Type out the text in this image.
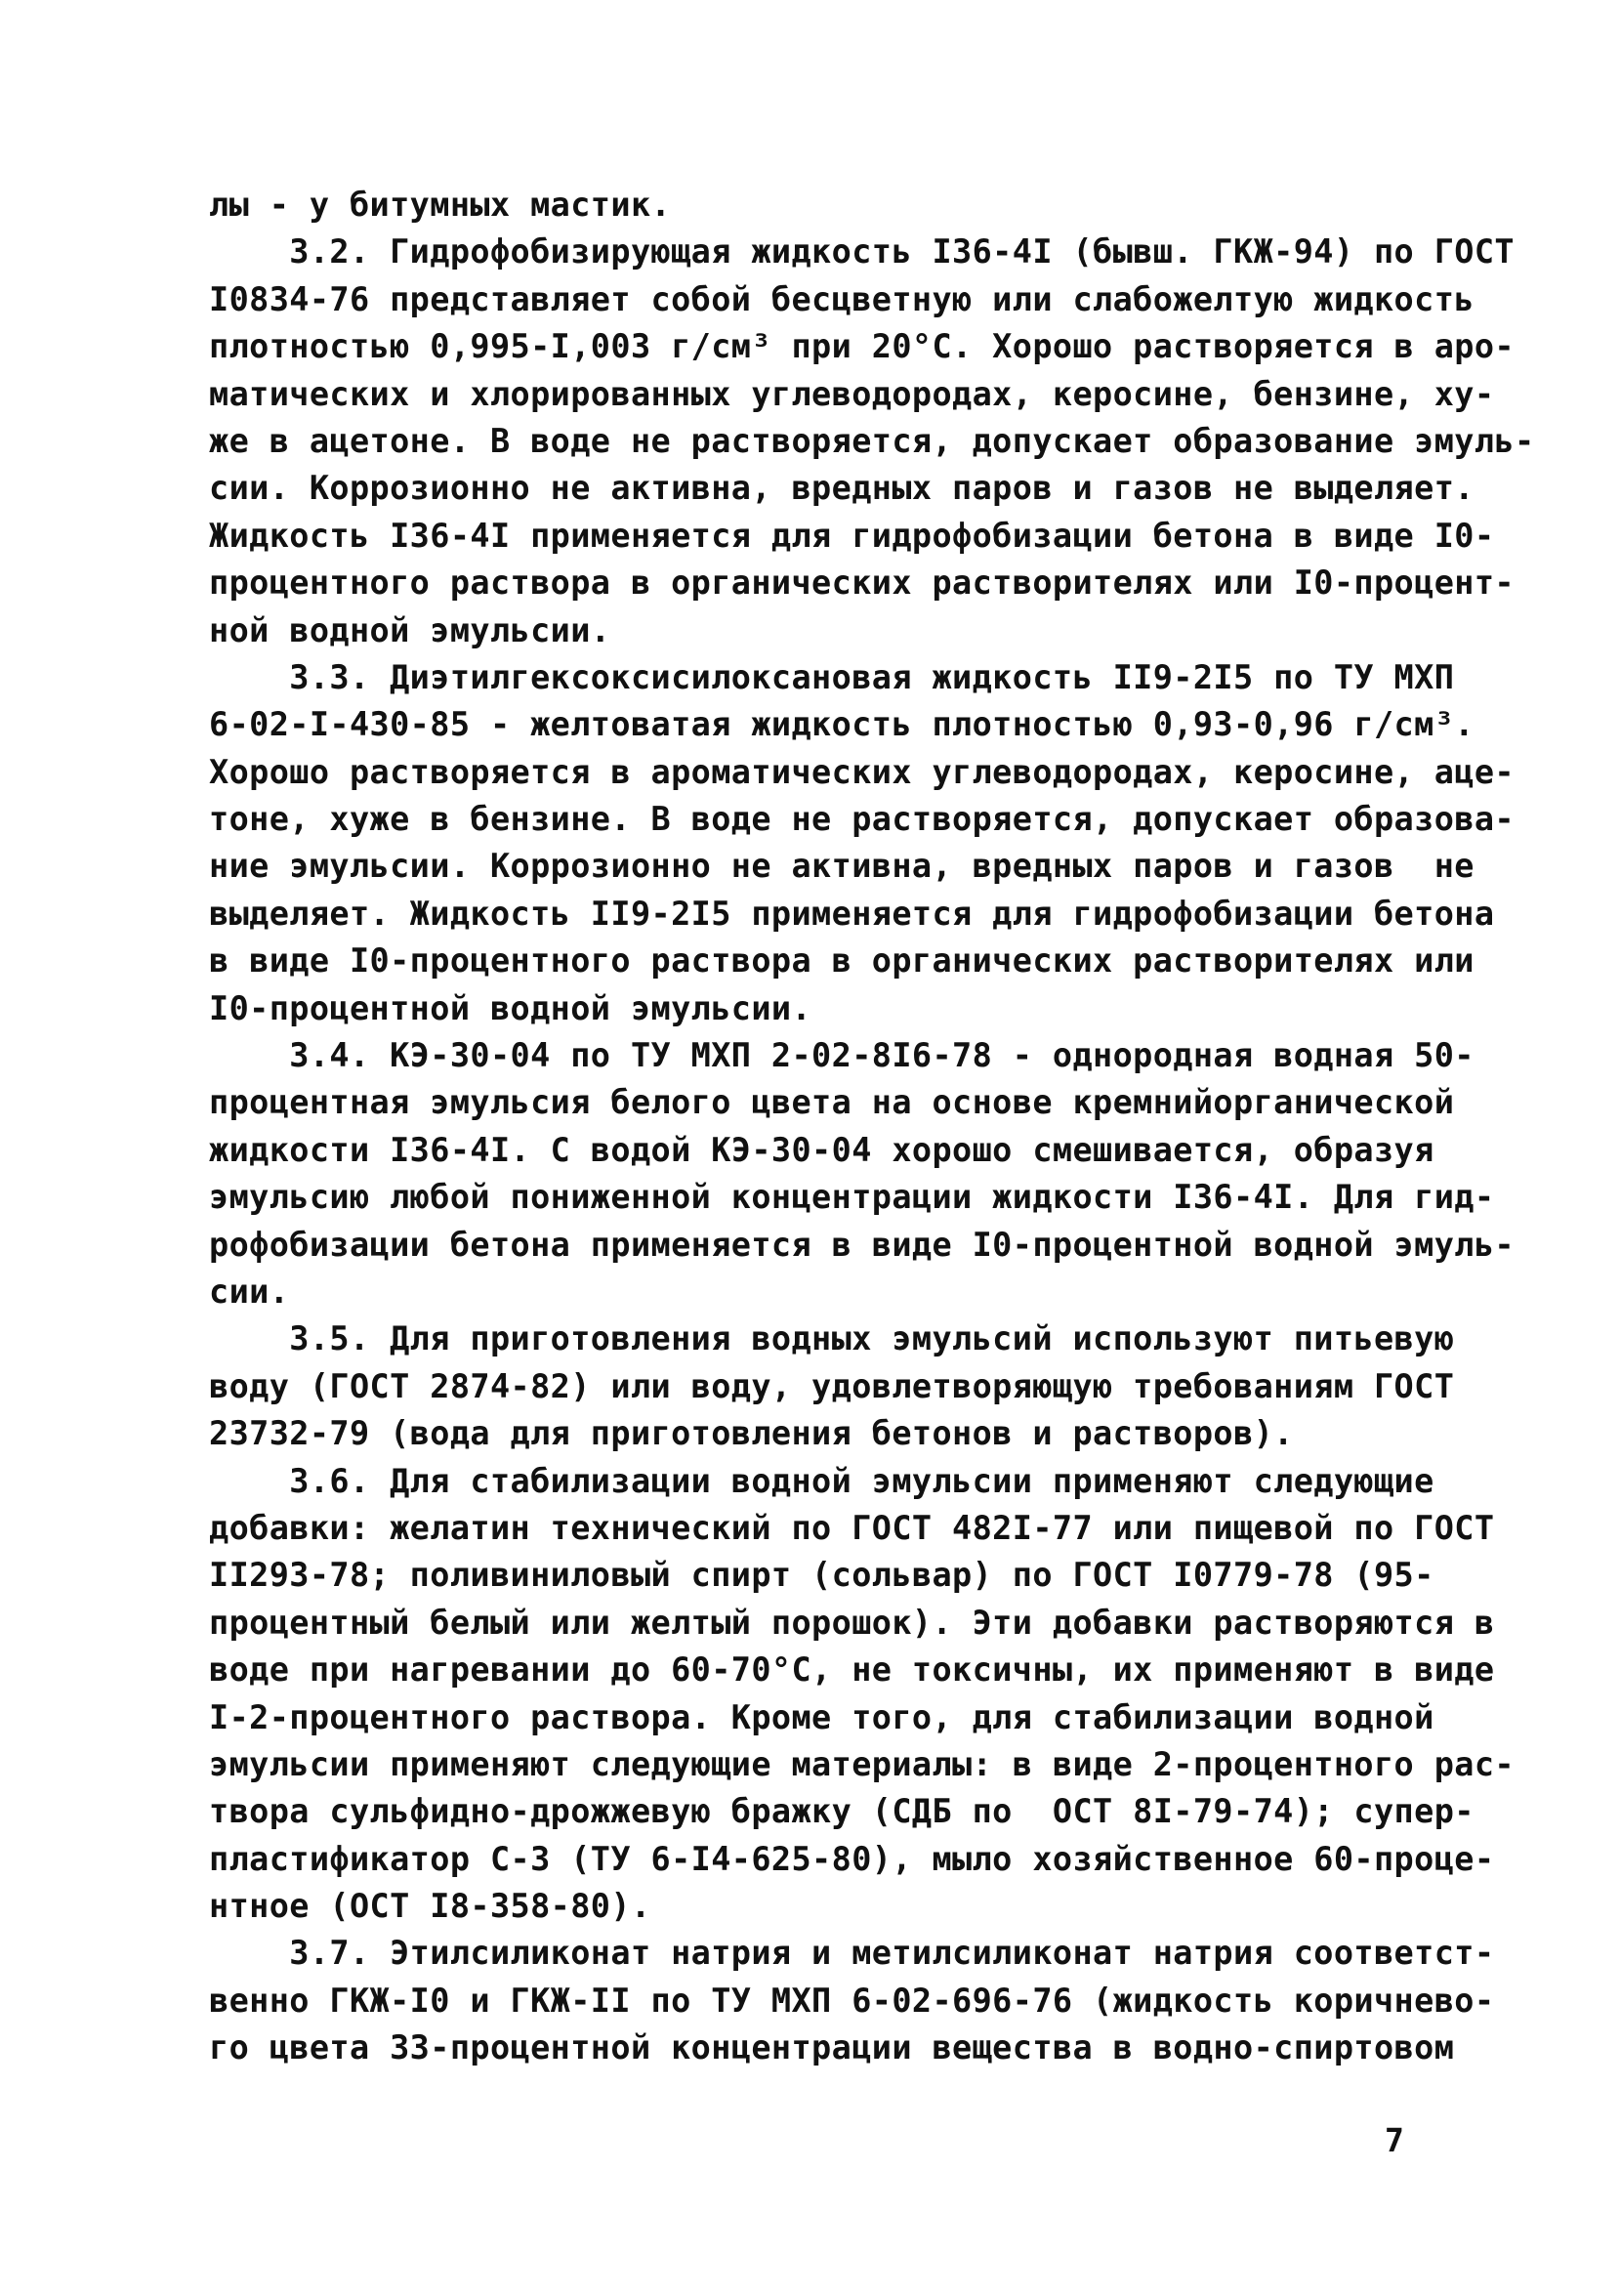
лы - у битумных мастик.
3.2. Гидрофобизирующая жидкость I36-4I (бывш. ГКЖ-94) по ГОСТ
I0834-76 представляет собой бесцветную или слабожелтую жидкость
плотностью 0,995-I,003 г/см³ при 20°С. Хорошо растворяется в аро-
матических и хлорированных углеводородах, керосине, бензине, ху-
же в ацетоне. В воде не растворяется, допускает образование эмуль-
сии. Коррозионно не активна, вредных паров и газов не выделяет.
Жидкость I36-4I применяется для гидрофобизации бетона в виде I0-
процентного раствора в органических растворителях или I0-процент-
ной водной эмульсии.
3.3. Диэтилгексоксисилоксановая жидкость II9-2I5 по ТУ МХП
6-02-I-430-85 - желтоватая жидкость плотностью 0,93-0,96 г/см³.
Хорошо растворяется в ароматических углеводородах, керосине, аце-
тоне, хуже в бензине. В воде не растворяется, допускает образова-
ние эмульсии. Коррозионно не активна, вредных паров и газов  не
выделяет. Жидкость II9-2I5 применяется для гидрофобизации бетона
в виде I0-процентного раствора в органических растворителях или
I0-процентной водной эмульсии.
3.4. КЭ-30-04 по ТУ МХП 2-02-8I6-78 - однородная водная 50-
процентная эмульсия белого цвета на основе кремнийорганической
жидкости I36-4I. С водой КЭ-30-04 хорошо смешивается, образуя
эмульсию любой пониженной концентрации жидкости I36-4I. Для гид-
рофобизации бетона применяется в виде I0-процентной водной эмуль-
сии.
3.5. Для приготовления водных эмульсий используют питьевую
воду (ГОСТ 2874-82) или воду, удовлетворяющую требованиям ГОСТ
23732-79 (вода для приготовления бетонов и растворов).
3.6. Для стабилизации водной эмульсии применяют следующие
добавки: желатин технический по ГОСТ 482I-77 или пищевой по ГОСТ
II293-78; поливиниловый спирт (сольвар) по ГОСТ I0779-78 (95-
процентный белый или желтый порошок). Эти добавки растворяются в
воде при нагревании до 60-70°С, не токсичны, их применяют в виде
I-2-процентного раствора. Кроме того, для стабилизации водной
эмульсии применяют следующие материалы: в виде 2-процентного рас-
твора сульфидно-дрожжевую бражку (СДБ по  ОСТ 8I-79-74); супер-
пластификатор С-3 (ТУ 6-I4-625-80), мыло хозяйственное 60-проце-
нтное (ОСТ I8-358-80).
3.7. Этилсиликонат натрия и метилсиликонат натрия соответст-
венно ГКЖ-I0 и ГКЖ-II по ТУ МХП 6-02-696-76 (жидкость коричнево-
го цвета 33-процентной концентрации вещества в водно-спиртовом
7
